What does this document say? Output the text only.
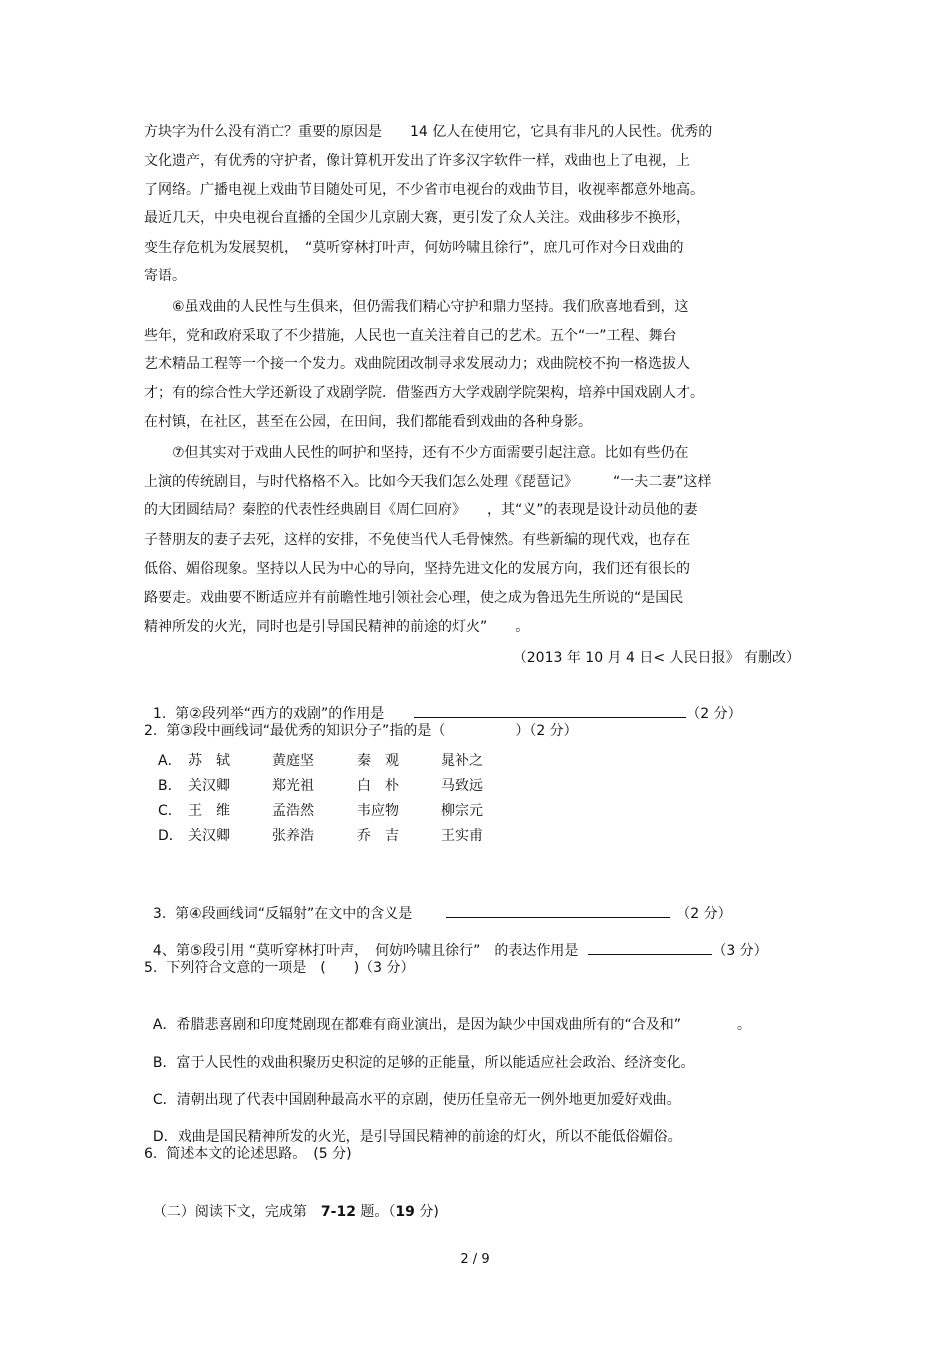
方块字为什么没有消亡？重要的原因是　　14 亿人在使用它，它具有非凡的人民性。优秀的
文化遗产，有优秀的守护者，像计算机开发出了许多汉字软件一样，戏曲也上了电视，上
了网络。广播电视上戏曲节目随处可见，不少省市电视台的戏曲节目，收视率都意外地高。
最近几天，中央电视台直播的全国少儿京剧大赛，更引发了众人关注。戏曲移步不换形，
变生存危机为发展契机，　“莫听穿林打叶声，何妨吟啸且徐行”，庶几可作对今日戏曲的
寄语。
　　⑥虽戏曲的人民性与生俱来，但仍需我们精心守护和鼎力坚持。我们欣喜地看到，这
些年，党和政府采取了不少措施，人民也一直关注着自己的艺术。五个“一”工程、舞台
艺术精品工程等一个接一个发力。戏曲院团改制寻求发展动力；戏曲院校不拘一格选拔人
才；有的综合性大学还新设了戏剧学院．借鉴西方大学戏剧学院架构，培养中国戏剧人才。
在村镇，在社区，甚至在公园，在田间，我们都能看到戏曲的各种身影。
　　⑦但其实对于戏曲人民性的呵护和坚持，还有不少方面需要引起注意。比如有些仍在
上演的传统剧目，与时代格格不入。比如今天我们怎么处理《琵琶记》　　　“一夫二妻”这样
的大团圆结局？秦腔的代表性经典剧目《周仁回府》　　，其“义”的表现是设计动员他的妻
子替朋友的妻子去死，这样的安排，不免使当代人毛骨悚然。有些新编的现代戏，也存在
低俗、媚俗现象。坚持以人民为中心的导向，坚持先进文化的发展方向，我们还有很长的
路要走。戏曲要不断适应并有前瞻性地引领社会心理，使之成为鲁迅先生所说的“是国民
精神所发的火光，同时也是引导国民精神的前途的灯火”　　。
（2013 年 10 月 4 日< 人民日报》 有删改）

1.  第②段列举“西方的戏剧”的作用是	（2 分）

2.  第③段中画线词“最优秀的知识分子”指的是（　　　　　）（2 分）
A． 苏　轼	黄庭坚	秦　观	晁补之
B． 关汉卿	郑光祖	白　朴	马致远
C． 王　维	孟浩然	韦应物	柳宗元
D． 关汉卿	张养浩	乔　吉	王实甫

3.  第④段画线词“反辐射”在文中的含义是	（2 分）

4、第⑤段引用 “莫听穿林打叶声，　何妨吟啸且徐行”　的表达作用是	（3 分）

5.  下列符合文意的一项是　(　　)（3 分）

A．希腊悲喜剧和印度梵剧现在都难有商业演出，是因为缺少中国戏曲所有的“合及和”　　　　。

B．富于人民性的戏曲积聚历史积淀的足够的正能量，所以能适应社会政治、经济变化。

C．清朝出现了代表中国剧种最高水平的京剧，使历任皇帝无一例外地更加爱好戏曲。

D．戏曲是国民精神所发的火光，是引导国民精神的前途的灯火，所以不能低俗媚俗。

6.  简述本文的论述思路。　(5 分)

（二）阅读下文，完成第　7-12 题。（19 分)

2 / 9
